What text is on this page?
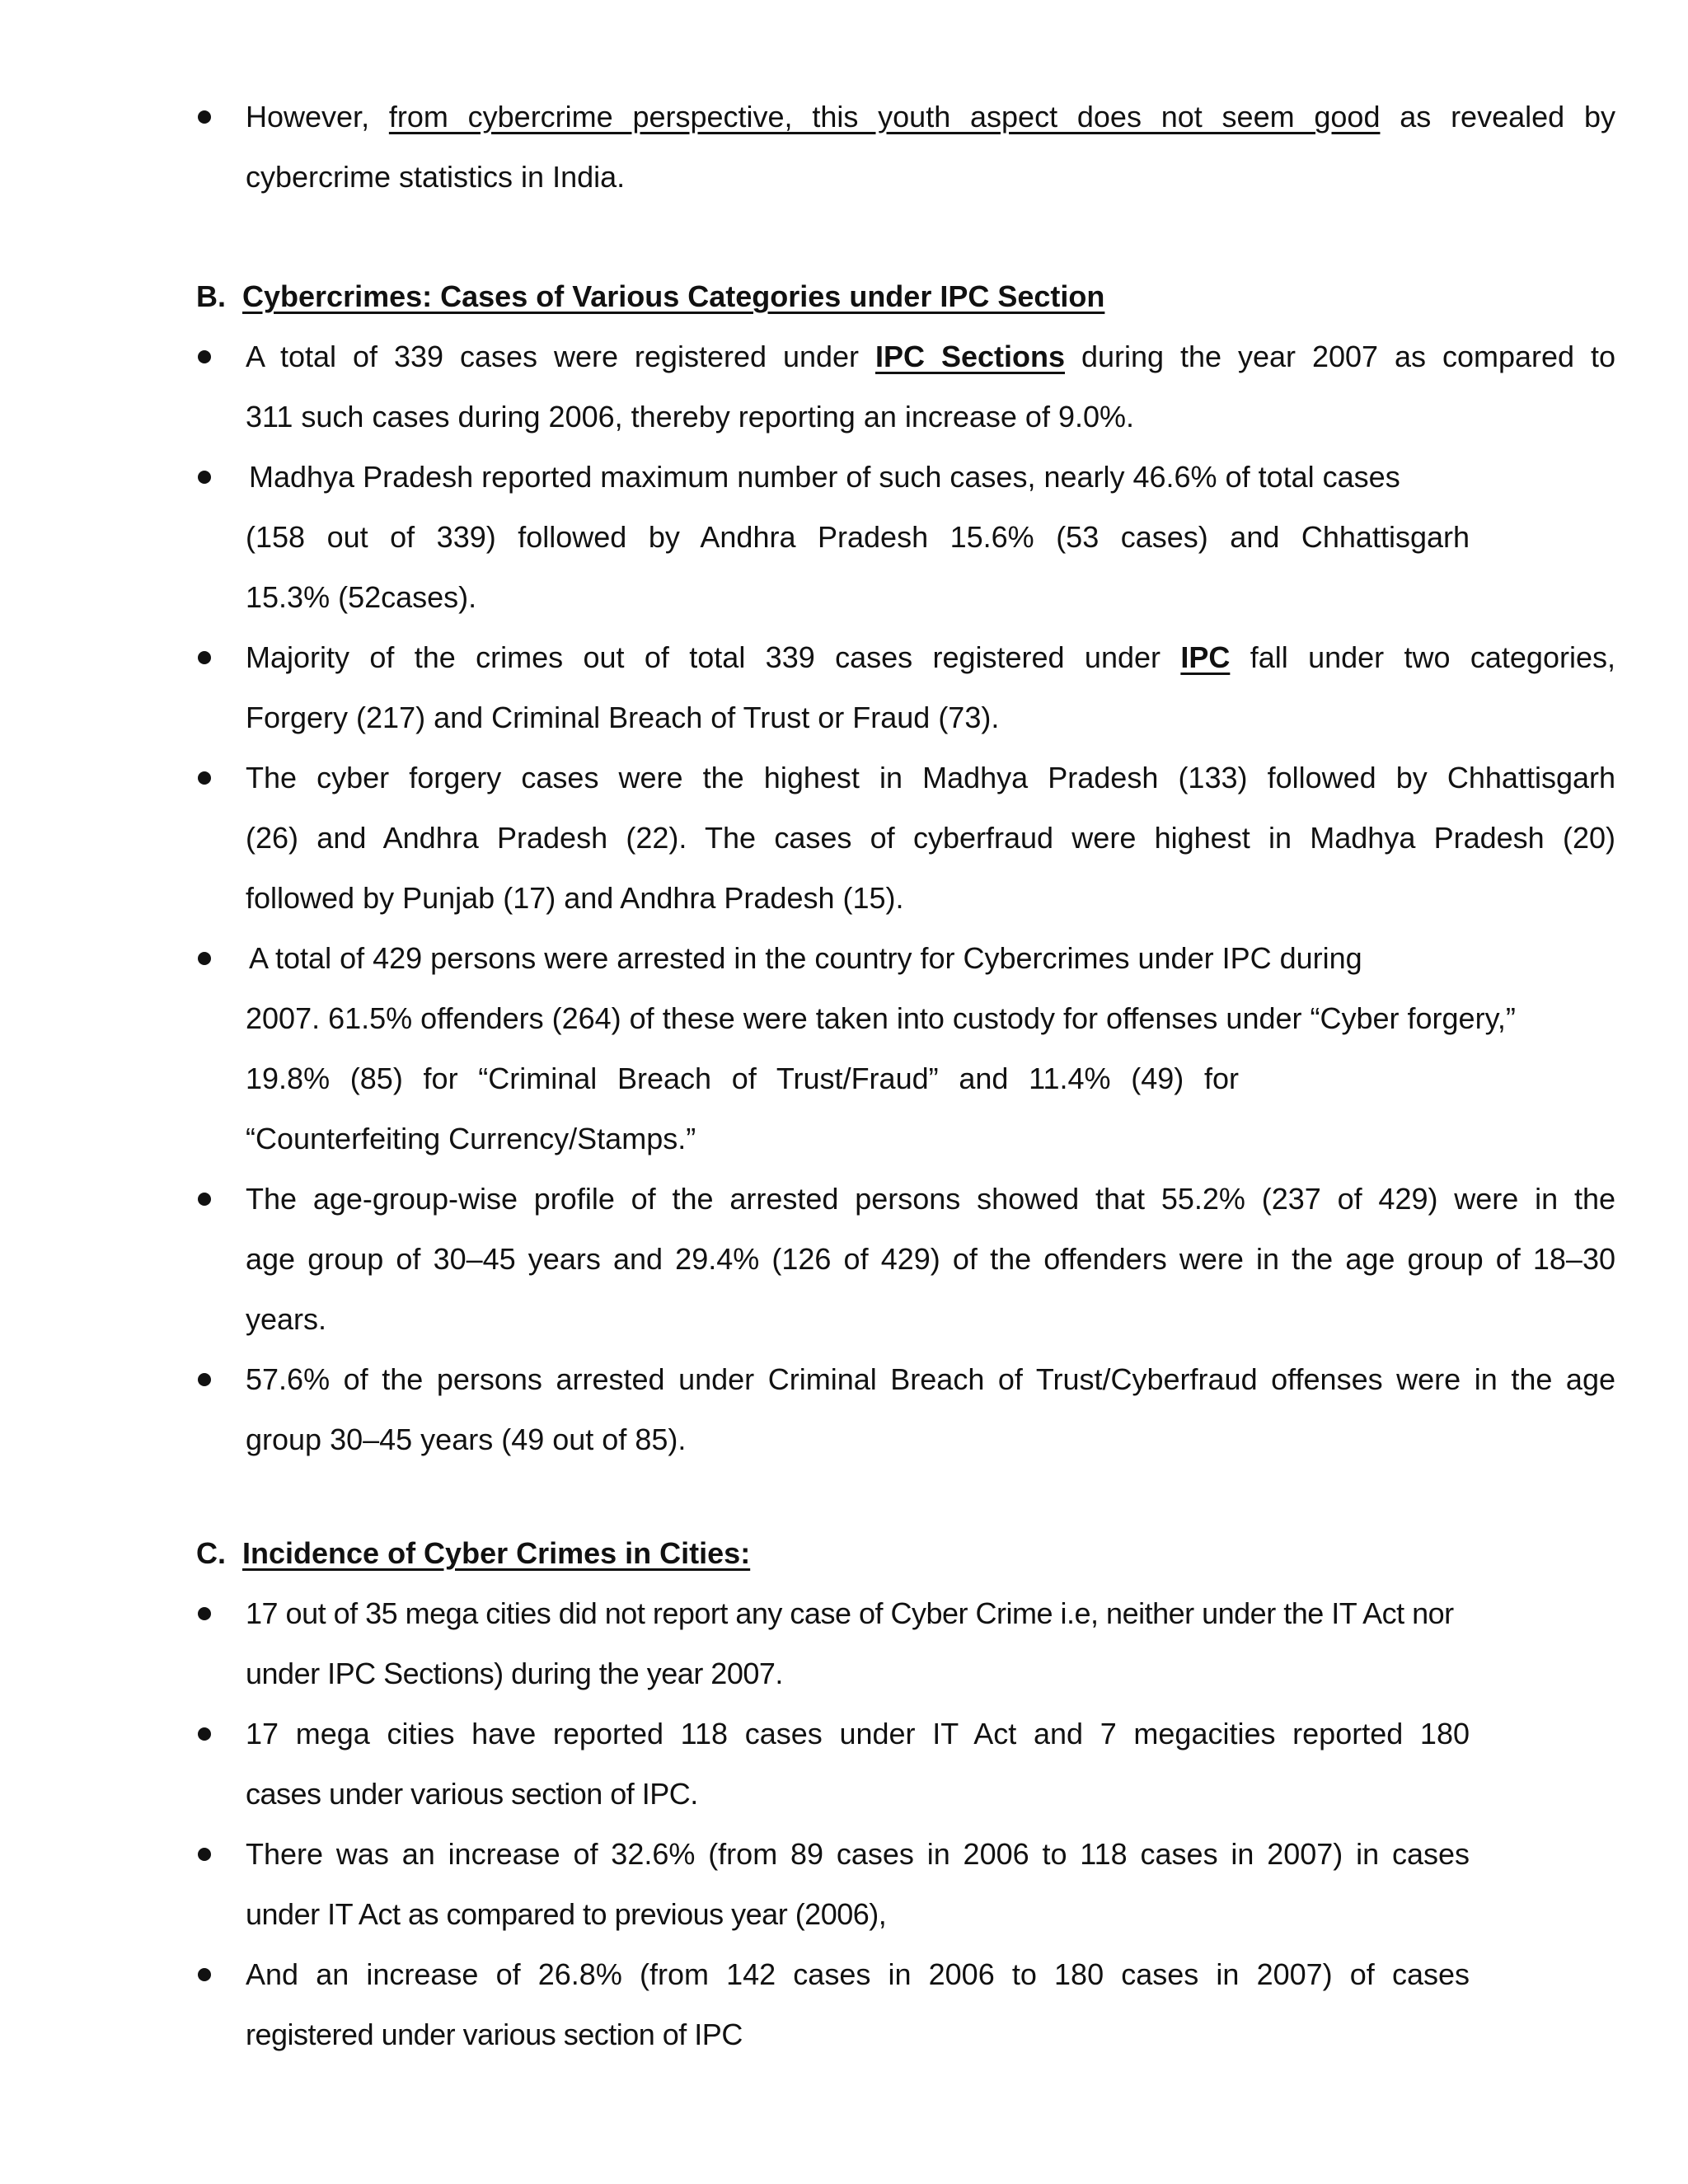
However, from cybercrime perspective, this youth aspect does not seem good as revealed by
cybercrime statistics in India.
B. Cybercrimes: Cases of Various Categories under IPC Section
A total of 339 cases were registered under IPC Sections during the year 2007 as compared to
311 such cases during 2006, thereby reporting an increase of 9.0%.
Madhya Pradesh reported maximum number of such cases, nearly 46.6% of total cases
(158 out of 339) followed by Andhra Pradesh 15.6% (53 cases) and Chhattisgarh
15.3% (52cases).
Majority of the crimes out of total 339 cases registered under IPC fall under two categories,
Forgery (217) and Criminal Breach of Trust or Fraud (73).
The cyber forgery cases were the highest in Madhya Pradesh (133) followed by Chhattisgarh
(26) and Andhra Pradesh (22). The cases of cyberfraud were highest in Madhya Pradesh (20)
followed by Punjab (17) and Andhra Pradesh (15).
A total of 429 persons were arrested in the country for Cybercrimes under IPC during
2007. 61.5% offenders (264) of these were taken into custody for offenses under “Cyber forgery,”
19.8% (85) for “Criminal Breach of Trust/Fraud” and 11.4% (49) for
“Counterfeiting Currency/Stamps.”
The age-group-wise profile of the arrested persons showed that 55.2% (237 of 429) were in the
age group of 30–45 years and 29.4% (126 of 429) of the offenders were in the age group of 18–30
years.
57.6% of the persons arrested under Criminal Breach of Trust/Cyberfraud offenses were in the age
group 30–45 years (49 out of 85).
C. Incidence of Cyber Crimes in Cities:
17 out of 35 mega cities did not report any case of Cyber Crime i.e, neither under the IT Act nor
under IPC Sections) during the year 2007.
17 mega cities have reported 118 cases under IT Act and 7 megacities reported 180
cases under various section of IPC.
There was an increase of 32.6% (from 89 cases in 2006 to 118 cases in 2007) in cases
under IT Act as compared to previous year (2006),
And an increase of 26.8% (from 142 cases in 2006 to 180 cases in 2007) of cases
registered under various section of IPC
